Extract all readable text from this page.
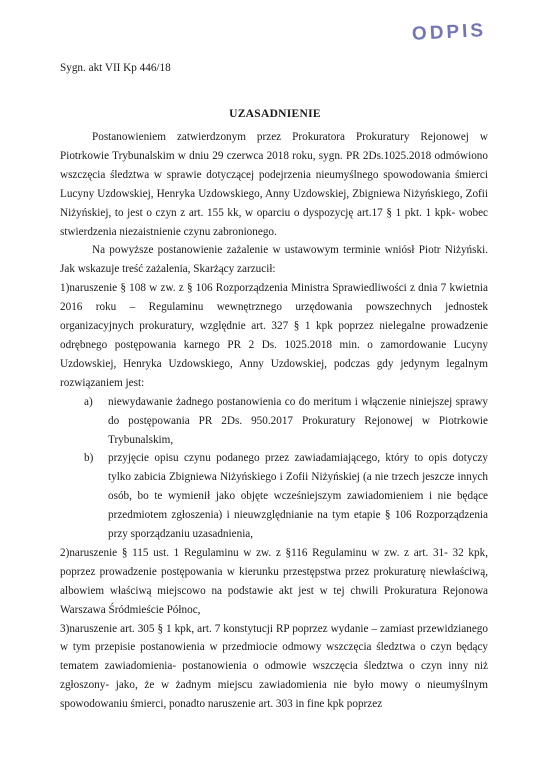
ODPIS
Sygn. akt VII Kp 446/18
UZASADNIENIE

Postanowieniem zatwierdzonym przez Prokuratora Prokuratury Rejonowej w Piotrkowie Trybunalskim w dniu 29 czerwca 2018 roku, sygn. PR 2Ds.1025.2018 odmówiono wszczęcia śledztwa w sprawie dotyczącej podejrzenia nieumyślnego spowodowania śmierci Lucyny Uzdowskiej, Henryka Uzdowskiego, Anny Uzdowskiej, Zbigniewa Niżyńskiego, Zofii Niżyńskiej, to jest o czyn z art. 155 kk, w oparciu o dyspozycję art.17 § 1 pkt. 1 kpk- wobec stwierdzenia niezaistnienie czynu zabronionego.

Na powyższe postanowienie zażalenie w ustawowym terminie wniósł Piotr Niżyński. Jak wskazuje treść zażalenia, Skarżący zarzucił:

1)naruszenie § 108 w zw. z § 106 Rozporządzenia Ministra Sprawiedliwości z dnia 7 kwietnia 2016 roku – Regulaminu wewnętrznego urzędowania powszechnych jednostek organizacyjnych prokuratury, względnie art. 327 § 1 kpk poprzez nielegalne prowadzenie odrębnego postępowania karnego PR 2 Ds. 1025.2018 min. o zamordowanie Lucyny Uzdowskiej, Henryka Uzdowskiego, Anny Uzdowskiej, podczas gdy jedynym legalnym rozwiązaniem jest:

a)	niewydawanie żadnego postanowienia co do meritum i włączenie niniejszej sprawy do postępowania PR 2Ds. 950.2017 Prokuratury Rejonowej w Piotrkowie Trybunalskim,
b)	przyjęcie opisu czynu podanego przez zawiadamiającego, który to opis dotyczy tylko zabicia Zbigniewa Niżyńskiego i Zofii Niżyńskiej (a nie trzech jeszcze innych osób, bo te wymienił jako objęte wcześniejszym zawiadomieniem i nie będące przedmiotem zgłoszenia) i nieuwzględnianie na tym etapie § 106 Rozporządzenia przy sporządzaniu uzasadnienia,

2)naruszenie § 115 ust. 1 Regulaminu w zw. z §116 Regulaminu w zw. z art. 31- 32 kpk, poprzez prowadzenie postępowania w kierunku przestępstwa przez prokuraturę niewłaściwą, albowiem właściwą miejscowo na podstawie akt jest w tej chwili Prokuratura Rejonowa Warszawa Śródmieście Północ,

3)naruszenie art. 305 § 1 kpk, art. 7 konstytucji RP poprzez wydanie – zamiast przewidzianego w tym przepisie postanowienia w przedmiocie odmowy wszczęcia śledztwa o czyn będący tematem zawiadomienia- postanowienia o odmowie wszczęcia śledztwa o czyn inny niż zgłoszony- jako, że w żadnym miejscu zawiadomienia nie było mowy o nieumyślnym spowodowaniu śmierci, ponadto naruszenie art. 303 in fine kpk poprzez
